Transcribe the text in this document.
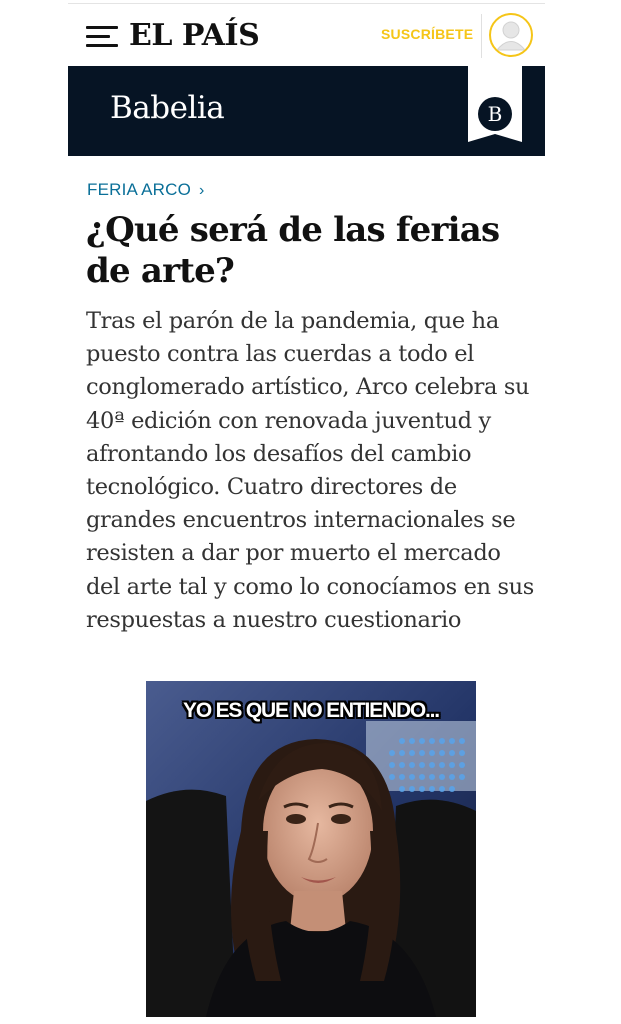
EL PAÍS	SUSCRÍBETE
Babelia	B
FERIA ARCO ›
¿Qué será de las ferias de arte?

Tras el parón de la pandemia, que ha puesto contra las cuerdas a todo el conglomerado artístico, Arco celebra su 40ª edición con renovada juventud y afrontando los desafíos del cambio tecnológico. Cuatro directores de grandes encuentros internacionales se resisten a dar por muerto el mercado del arte tal y como lo conocíamos en sus respuestas a nuestro cuestionario

YO ES QUE NO ENTIENDO...
